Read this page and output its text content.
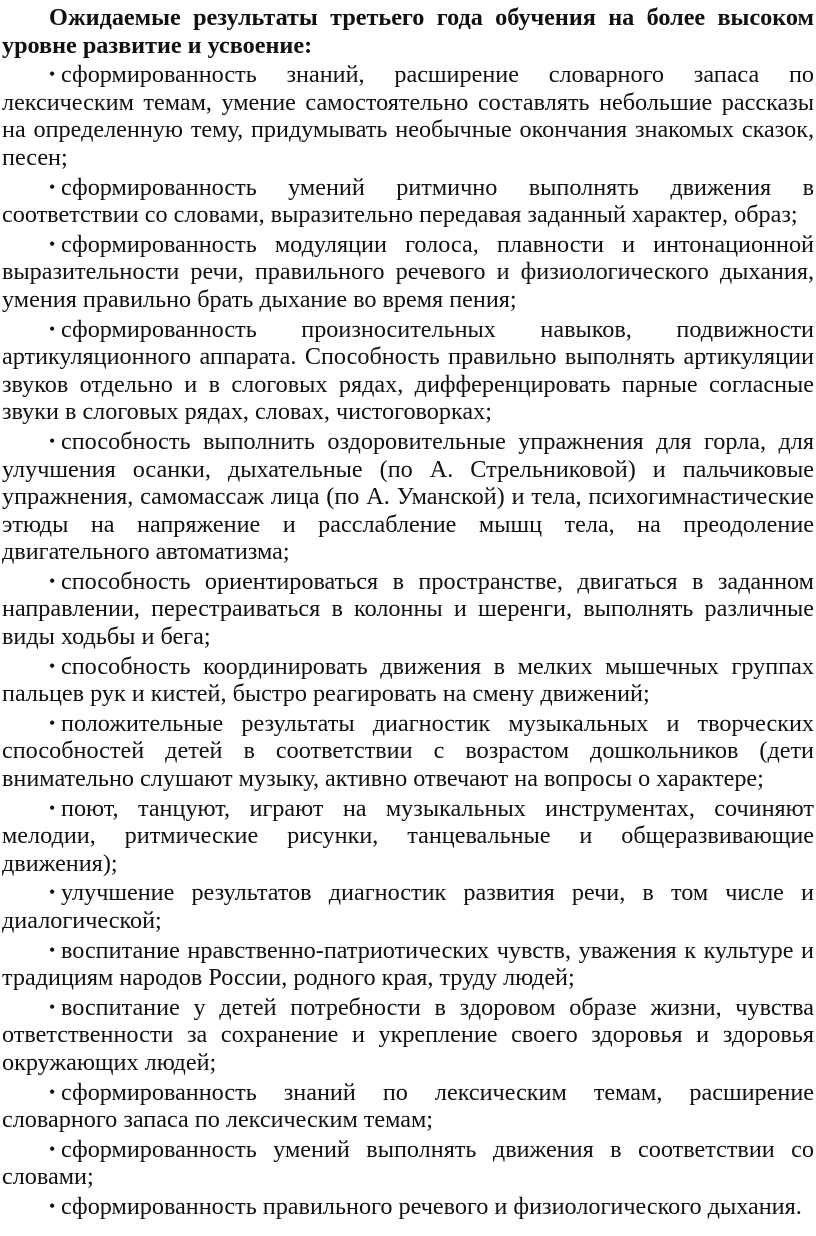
Ожидаемые результаты третьего года обучения на более высоком уровне развитие и усвоение:

• сформированность знаний, расширение словарного запаса по лексическим темам, умение самостоятельно составлять небольшие рассказы на определенную тему, придумывать необычные окончания знакомых сказок, песен;

• сформированность умений ритмично выполнять движения в соответствии со словами, выразительно передавая заданный характер, образ;

• сформированность модуляции голоса, плавности и интонационной выразительности речи, правильного речевого и физиологического дыхания, умения правильно брать дыхание во время пения;

• сформированность произносительных навыков, подвижности артикуляционного аппарата. Способность правильно выполнять артикуляции звуков отдельно и в слоговых рядах, дифференцировать парные согласные звуки в слоговых рядах, словах, чистоговорках;

• способность выполнить оздоровительные упражнения для горла, для улучшения осанки, дыхательные (по А. Стрельниковой) и пальчиковые упражнения, самомассаж лица (по А. Уманской) и тела, психогимнастические этюды на напряжение и расслабление мышц тела, на преодоление двигательного автоматизма;

• способность ориентироваться в пространстве, двигаться в заданном направлении, перестраиваться в колонны и шеренги, выполнять различные виды ходьбы и бега;

• способность координировать движения в мелких мышечных группах пальцев рук и кистей, быстро реагировать на смену движений;

• положительные результаты диагностик музыкальных и творческих способностей детей в соответствии с возрастом дошкольников (дети внимательно слушают музыку, активно отвечают на вопросы о характере;

• поют, танцуют, играют на музыкальных инструментах, сочиняют мелодии, ритмические рисунки, танцевальные и общеразвивающие движения);

• улучшение результатов диагностик развития речи, в том числе и диалогической;

• воспитание нравственно-патриотических чувств, уважения к культуре и традициям народов России, родного края, труду людей;

• воспитание у детей потребности в здоровом образе жизни, чувства ответственности за сохранение и укрепление своего здоровья и здоровья окружающих людей;

• сформированность знаний по лексическим темам, расширение словарного запаса по лексическим темам;

• сформированность умений выполнять движения в соответствии со словами;

• сформированность правильного речевого и физиологического дыхания.
